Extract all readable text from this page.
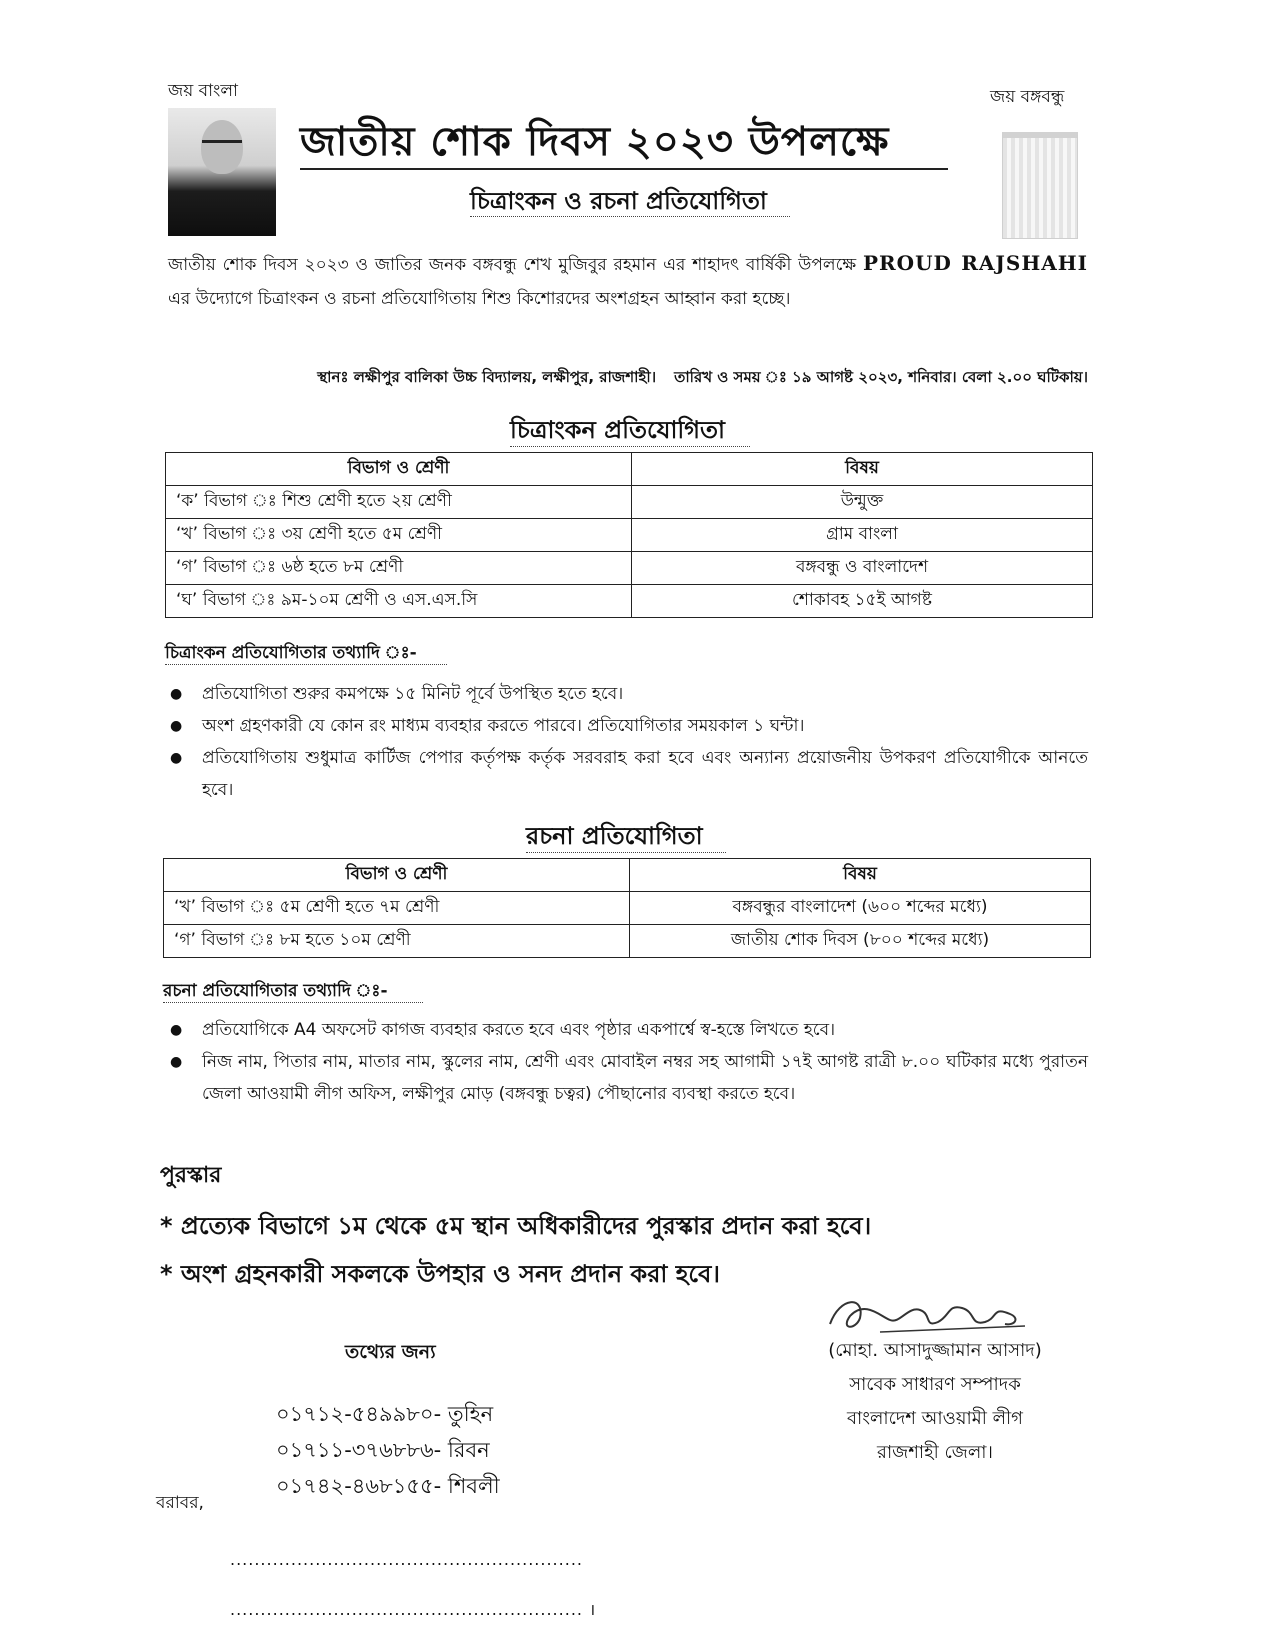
জয় বাংলা	জয় বঙ্গবন্ধু
জাতীয় শোক দিবস ২০২৩ উপলক্ষে
চিত্রাংকন ও রচনা প্রতিযোগিতা
জাতীয় শোক দিবস ২০২৩ ও জাতির জনক বঙ্গবন্ধু শেখ মুজিবুর রহমান এর শাহাদৎ বার্ষিকী উপলক্ষে PROUD RAJSHAHI এর উদ্যোগে চিত্রাংকন ও রচনা প্রতিযোগিতায় শিশু কিশোরদের অংশগ্রহন আহ্বান করা হচ্ছে।
স্থানঃ লক্ষীপুর বালিকা উচ্চ বিদ্যালয়, লক্ষীপুর, রাজশাহী। তারিখ ও সময় ঃ ১৯ আগষ্ট ২০২৩, শনিবার। বেলা ২.০০ ঘটিকায়।
চিত্রাংকন প্রতিযোগিতা
বিভাগ ও শ্রেণী	বিষয়
‘ক’ বিভাগ ঃ শিশু শ্রেণী হতে ২য় শ্রেণী	উন্মুক্ত
‘খ’ বিভাগ ঃ ৩য় শ্রেণী হতে ৫ম শ্রেণী	গ্রাম বাংলা
‘গ’ বিভাগ ঃ ৬ষ্ঠ হতে ৮ম শ্রেণী	বঙ্গবন্ধু ও বাংলাদেশ
‘ঘ’ বিভাগ ঃ ৯ম-১০ম শ্রেণী ও এস.এস.সি	শোকাবহ ১৫ই আগষ্ট
চিত্রাংকন প্রতিযোগিতার তথ্যাদি ঃ-
● প্রতিযোগিতা শুরুর কমপক্ষে ১৫ মিনিট পূর্বে উপস্থিত হতে হবে।
● অংশ গ্রহণকারী যে কোন রং মাধ্যম ব্যবহার করতে পারবে। প্রতিযোগিতার সময়কাল ১ ঘন্টা।
● প্রতিযোগিতায় শুধুমাত্র কার্টিজ পেপার কর্তৃপক্ষ কর্তৃক সরবরাহ করা হবে এবং অন্যান্য প্রয়োজনীয় উপকরণ প্রতিযোগীকে আনতে হবে।
রচনা প্রতিযোগিতা
বিভাগ ও শ্রেণী	বিষয়
‘খ’ বিভাগ ঃ ৫ম শ্রেণী হতে ৭ম শ্রেণী	বঙ্গবন্ধুর বাংলাদেশ (৬০০ শব্দের মধ্যে)
‘গ’ বিভাগ ঃ ৮ম হতে ১০ম শ্রেণী	জাতীয় শোক দিবস (৮০০ শব্দের মধ্যে)
রচনা প্রতিযোগিতার তথ্যাদি ঃ-
● প্রতিযোগিকে A4 অফসেট কাগজ ব্যবহার করতে হবে এবং পৃষ্ঠার একপার্শ্বে স্ব-হস্তে লিখতে হবে।
● নিজ নাম, পিতার নাম, মাতার নাম, স্কুলের নাম, শ্রেণী এবং মোবাইল নম্বর সহ আগামী ১৭ই আগষ্ট রাত্রী ৮.০০ ঘটিকার মধ্যে পুরাতন জেলা আওয়ামী লীগ অফিস, লক্ষীপুর মোড় (বঙ্গবন্ধু চত্বর) পৌছানোর ব্যবস্থা করতে হবে।
পুরস্কার
* প্রত্যেক বিভাগে ১ম থেকে ৫ম স্থান অধিকারীদের পুরস্কার প্রদান করা হবে।
* অংশ গ্রহনকারী সকলকে উপহার ও সনদ প্রদান করা হবে।
তথ্যের জন্য
০১৭১২-৫৪৯৯৮০- তুহিন
০১৭১১-৩৭৬৮৮৬- রিবন
০১৭৪২-৪৬৮১৫৫- শিবলী
(মোহা. আসাদুজ্জামান আসাদ)
সাবেক সাধারণ সম্পাদক
বাংলাদেশ আওয়ামী লীগ
রাজশাহী জেলা।
বরাবর,
..........................................................
.......................................................... ।
